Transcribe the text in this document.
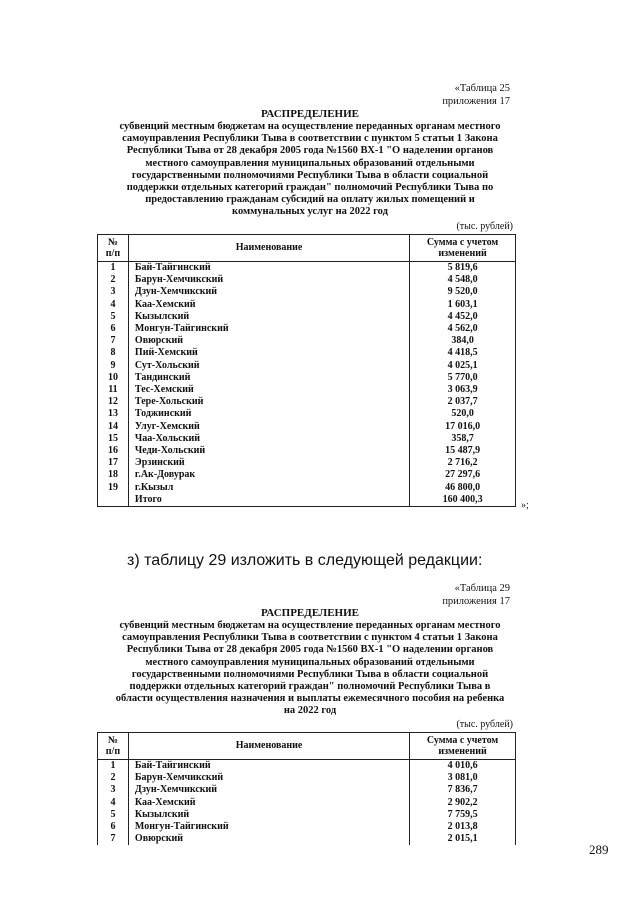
«Таблица 25
приложения 17
РАСПРЕДЕЛЕНИЕ
субвенций местным бюджетам на осуществление переданных органам местного
самоуправления Республики Тыва в соответствии с пунктом 5 статьи 1 Закона
Республики Тыва от 28 декабря 2005 года №1560 ВХ-1 "О наделении органов
местного самоуправления муниципальных образований отдельными
государственными полномочиями Республики Тыва в области социальной
поддержки отдельных категорий граждан" полномочий Республики Тыва по
предоставлению гражданам субсидий на оплату жилых помещений и
коммунальных услуг на 2022 год
(тыс. рублей)
№
п/п	Наименование	Сумма с учетом
изменений
1	Бай-Тайгинский	5 819,6
2	Барун-Хемчикский	4 548,0
3	Дзун-Хемчикский	9 520,0
4	Каа-Хемский	1 603,1
5	Кызылский	4 452,0
6	Монгун-Тайгинский	4 562,0
7	Овюрский	384,0
8	Пий-Хемский	4 418,5
9	Сут-Хольский	4 025,1
10	Тандинский	5 770,0
11	Тес-Хемский	3 063,9
12	Тере-Хольский	2 037,7
13	Тоджинский	520,0
14	Улуг-Хемский	17 016,0
15	Чаа-Хольский	358,7
16	Чеди-Хольский	15 487,9
17	Эрзинский	2 716,2
18	г.Ак-Довурак	27 297,6
19	г.Кызыл	46 800,0
	Итого	160 400,3
»;
з) таблицу 29 изложить в следующей редакции:
«Таблица 29
приложения 17
РАСПРЕДЕЛЕНИЕ
субвенций местным бюджетам на осуществление переданных органам местного
самоуправления Республики Тыва в соответствии с пунктом 4 статьи 1 Закона
Республики Тыва от 28 декабря 2005 года №1560 ВХ-1 "О наделении органов
местного самоуправления муниципальных образований отдельными
государственными полномочиями Республики Тыва в области социальной
поддержки отдельных категорий граждан" полномочий Республики Тыва в
области осуществления назначения и выплаты ежемесячного пособия на ребенка
на 2022 год
(тыс. рублей)
№
п/п	Наименование	Сумма с учетом
изменений
1	Бай-Тайгинский	4 010,6
2	Барун-Хемчикский	3 081,0
3	Дзун-Хемчикский	7 836,7
4	Каа-Хемский	2 902,2
5	Кызылский	7 759,5
6	Монгун-Тайгинский	2 013,8
7	Овюрский	2 015,1
289
